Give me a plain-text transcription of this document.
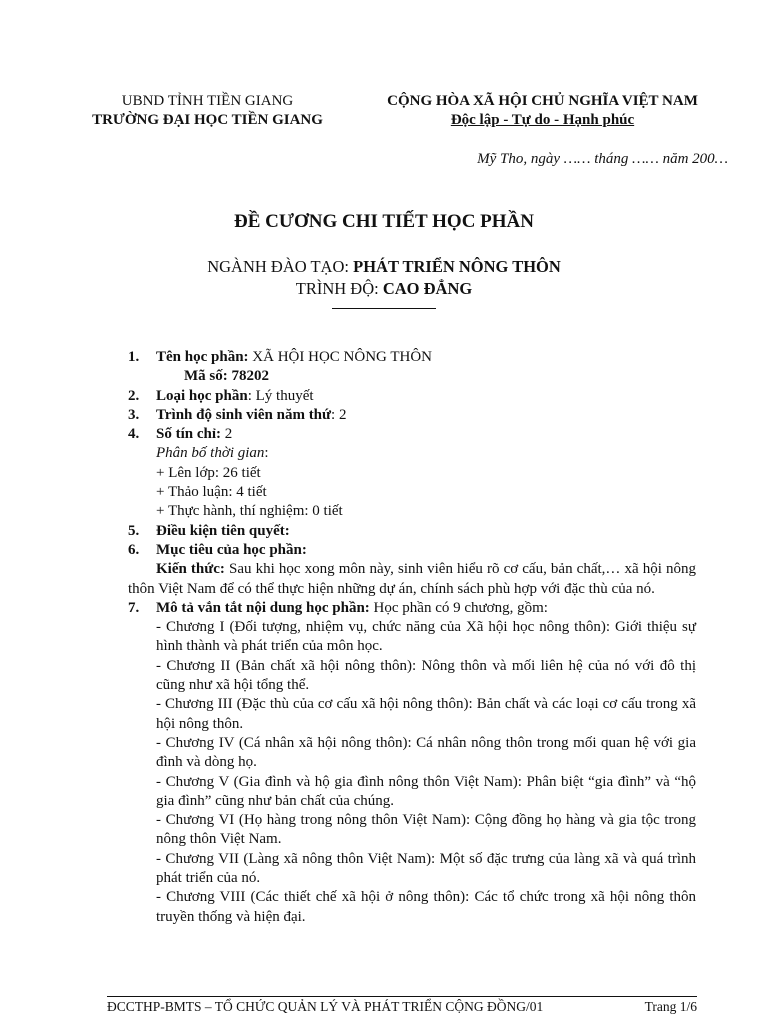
UBND TỈNH TIỀN GIANG
TRƯỜNG ĐẠI HỌC TIỀN GIANG
CỘNG HÒA XÃ HỘI CHỦ NGHĨA VIỆT NAM
Độc lập - Tự do - Hạnh phúc
Mỹ Tho, ngày …… tháng …… năm 200…
ĐỀ CƯƠNG CHI TIẾT HỌC PHẦN
NGÀNH ĐÀO TẠO: PHÁT TRIỂN NÔNG THÔN
TRÌNH ĐỘ: CAO ĐẲNG
1. Tên học phần: XÃ HỘI HỌC NÔNG THÔN
Mã số: 78202
2. Loại học phần: Lý thuyết
3. Trình độ sinh viên năm thứ: 2
4. Số tín chỉ: 2
Phân bố thời gian:
+ Lên lớp: 26 tiết
+ Thảo luận: 4 tiết
+ Thực hành, thí nghiệm: 0 tiết
5. Điều kiện tiên quyết:
6. Mục tiêu của học phần:
Kiến thức: Sau khi học xong môn này, sinh viên hiểu rõ cơ cấu, bản chất,… xã hội nông thôn Việt Nam để có thể thực hiện những dự án, chính sách phù hợp với đặc thù của nó.
7. Mô tả vắn tắt nội dung học phần: Học phần có 9 chương, gồm:
- Chương I (Đối tượng, nhiệm vụ, chức năng của Xã hội học nông thôn): Giới thiệu sự hình thành và phát triển của môn học.
- Chương II (Bản chất xã hội nông thôn): Nông thôn và mối liên hệ của nó với đô thị cũng như xã hội tổng thể.
- Chương III (Đặc thù của cơ cấu xã hội nông thôn): Bản chất và các loại cơ cấu trong xã hội nông thôn.
- Chương IV (Cá nhân xã hội nông thôn): Cá nhân nông thôn trong mối quan hệ với gia đình và dòng họ.
- Chương V (Gia đình và hộ gia đình nông thôn Việt Nam): Phân biệt “gia đình” và “hộ gia đình” cũng như bản chất của chúng.
- Chương VI (Họ hàng trong nông thôn Việt Nam): Cộng đồng họ hàng và gia tộc trong nông thôn Việt Nam.
- Chương VII (Làng xã nông thôn Việt Nam): Một số đặc trưng của làng xã và quá trình phát triển của nó.
- Chương VIII (Các thiết chế xã hội ở nông thôn): Các tổ chức trong xã hội nông thôn truyền thống và hiện đại.
ĐCCTHP-BMTS – TỔ CHỨC QUẢN LÝ VÀ PHÁT TRIỂN CỘNG ĐỒNG/01	Trang 1/6
